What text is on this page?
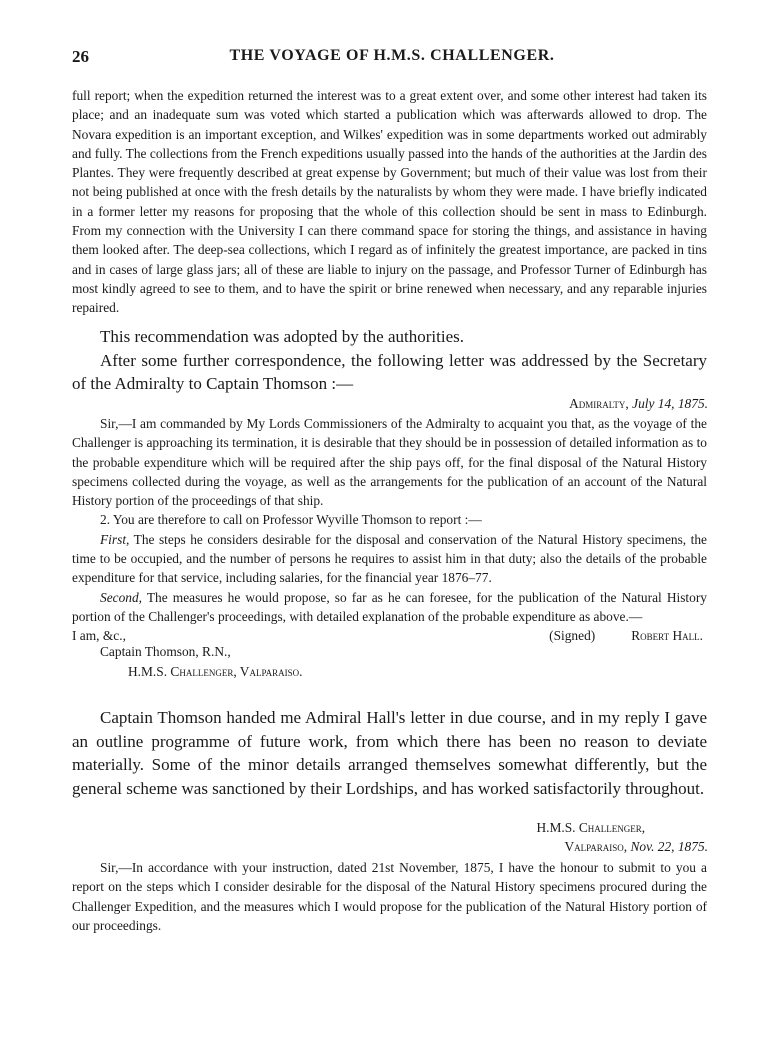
26	THE VOYAGE OF H.M.S. CHALLENGER.

full report; when the expedition returned the interest was to a great extent over, and some other interest had taken its place; and an inadequate sum was voted which started a publication which was afterwards allowed to drop. The Novara expedition is an important exception, and Wilkes' expedition was in some departments worked out admirably and fully. The collections from the French expeditions usually passed into the hands of the authorities at the Jardin des Plantes. They were frequently described at great expense by Government; but much of their value was lost from their not being published at once with the fresh details by the naturalists by whom they were made. I have briefly indicated in a former letter my reasons for proposing that the whole of this collection should be sent in mass to Edinburgh. From my connection with the University I can there command space for storing the things, and assistance in having them looked after. The deep-sea collections, which I regard as of infinitely the greatest importance, are packed in tins and in cases of large glass jars; all of these are liable to injury on the passage, and Professor Turner of Edinburgh has most kindly agreed to see to them, and to have the spirit or brine renewed when necessary, and any reparable injuries repaired.

This recommendation was adopted by the authorities.

After some further correspondence, the following letter was addressed by the Secretary of the Admiralty to Captain Thomson :—

Admiralty, July 14, 1875.

Sir,—I am commanded by My Lords Commissioners of the Admiralty to acquaint you that, as the voyage of the Challenger is approaching its termination, it is desirable that they should be in possession of detailed information as to the probable expenditure which will be required after the ship pays off, for the final disposal of the Natural History specimens collected during the voyage, as well as the arrangements for the publication of an account of the Natural History portion of the proceedings of that ship.

2. You are therefore to call on Professor Wyville Thomson to report :—

First, The steps he considers desirable for the disposal and conservation of the Natural History specimens, the time to be occupied, and the number of persons he requires to assist him in that duty; also the details of the probable expenditure for that service, including salaries, for the financial year 1876–77.

Second, The measures he would propose, so far as he can foresee, for the publication of the Natural History portion of the Challenger's proceedings, with detailed explanation of the probable expenditure as above.—

I am, &c.,	(Signed)	Robert Hall.
Captain Thomson, R.N.,
H.M.S. Challenger, Valparaiso.

Captain Thomson handed me Admiral Hall's letter in due course, and in my reply I gave an outline programme of future work, from which there has been no reason to deviate materially. Some of the minor details arranged themselves somewhat differently, but the general scheme was sanctioned by their Lordships, and has worked satisfactorily throughout.

H.M.S. Challenger,
Valparaiso, Nov. 22, 1875.

Sir,—In accordance with your instruction, dated 21st November, 1875, I have the honour to submit to you a report on the steps which I consider desirable for the disposal of the Natural History specimens procured during the Challenger Expedition, and the measures which I would propose for the publication of the Natural History portion of our proceedings.
